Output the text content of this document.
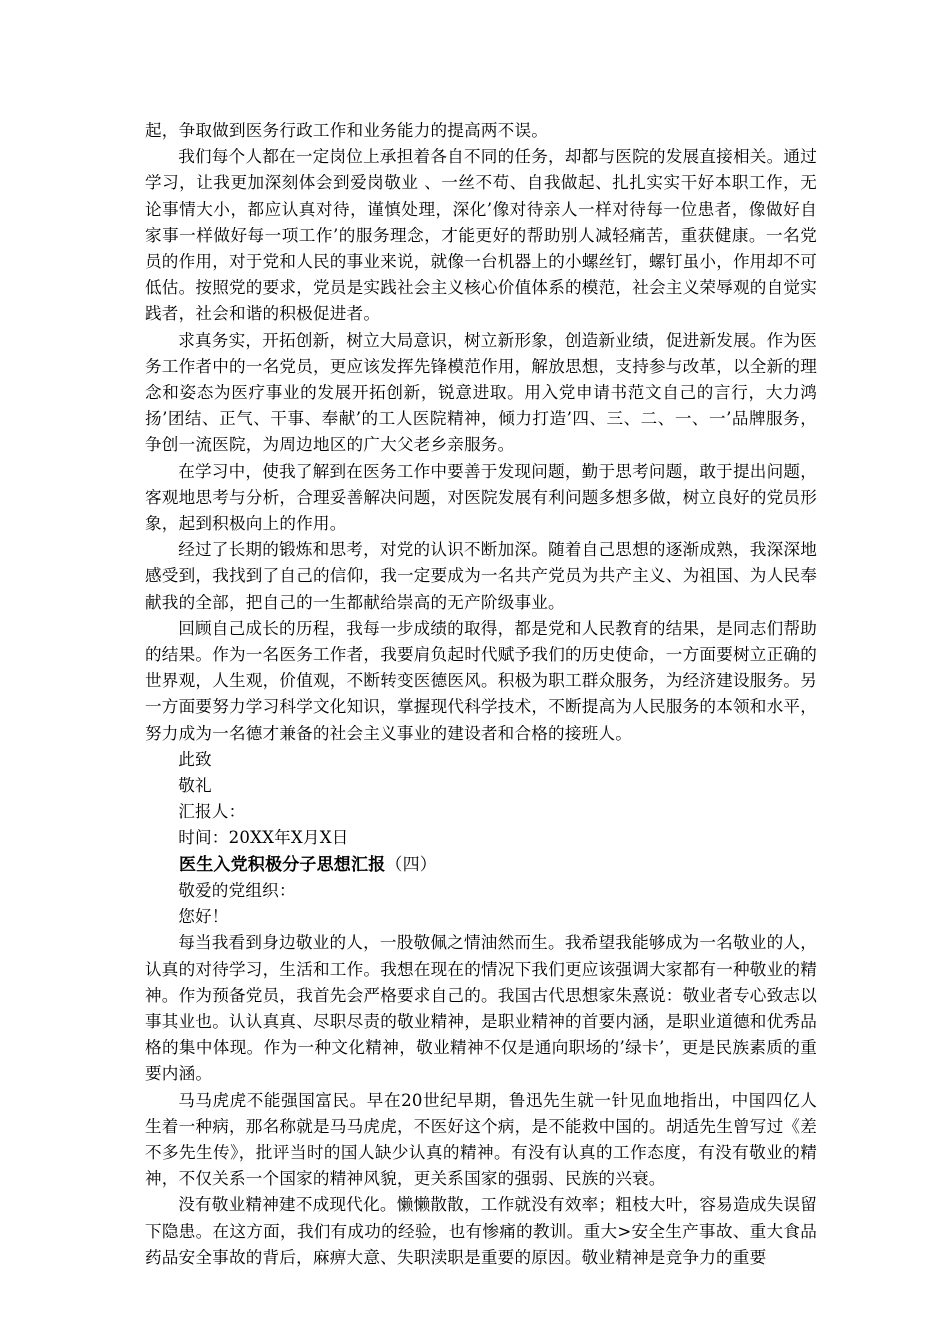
起，争取做到医务行政工作和业务能力的提高两不误。

我们每个人都在一定岗位上承担着各自不同的任务，却都与医院的发展直接相关。通过学习，让我更加深刻体会到爱岗敬业 、一丝不苟、自我做起、扎扎实实干好本职工作，无论事情大小，都应认真对待，谨慎处理，深化’像对待亲人一样对待每一位患者，像做好自家事一样做好每一项工作’的服务理念，才能更好的帮助别人减轻痛苦，重获健康。一名党员的作用，对于党和人民的事业来说，就像一台机器上的小螺丝钉，螺钉虽小，作用却不可低估。按照党的要求，党员是实践社会主义核心价值体系的模范，社会主义荣辱观的自觉实践者，社会和谐的积极促进者。

求真务实，开拓创新，树立大局意识，树立新形象，创造新业绩，促进新发展。作为医务工作者中的一名党员，更应该发挥先锋模范作用，解放思想，支持参与改革，以全新的理念和姿态为医疗事业的发展开拓创新，锐意进取。用入党申请书范文自己的言行，大力鸿扬’团结、正气、干事、奉献’的工人医院精神，倾力打造’四、三、二、一、一’品牌服务，争创一流医院，为周边地区的广大父老乡亲服务。

在学习中，使我了解到在医务工作中要善于发现问题，勤于思考问题，敢于提出问题，客观地思考与分析，合理妥善解决问题，对医院发展有利问题多想多做，树立良好的党员形象，起到积极向上的作用。

经过了长期的锻炼和思考，对党的认识不断加深。随着自己思想的逐渐成熟，我深深地感受到，我找到了自己的信仰，我一定要成为一名共产党员为共产主义、为祖国、为人民奉献我的全部，把自己的一生都献给崇高的无产阶级事业。

回顾自己成长的历程，我每一步成绩的取得，都是党和人民教育的结果，是同志们帮助的结果。作为一名医务工作者，我要肩负起时代赋予我们的历史使命，一方面要树立正确的世界观，人生观，价值观，不断转变医德医风。积极为职工群众服务，为经济建设服务。另一方面要努力学习科学文化知识，掌握现代科学技术，不断提高为人民服务的本领和水平，努力成为一名德才兼备的社会主义事业的建设者和合格的接班人。

此致

敬礼

汇报人：

时间：20XX年X月X日

医生入党积极分子思想汇报（四）

敬爱的党组织：

您好！

每当我看到身边敬业的人，一股敬佩之情油然而生。我希望我能够成为一名敬业的人，认真的对待学习，生活和工作。我想在现在的情况下我们更应该强调大家都有一种敬业的精神。作为预备党员，我首先会严格要求自己的。我国古代思想家朱熹说：敬业者专心致志以事其业也。认认真真、尽职尽责的敬业精神，是职业精神的首要内涵，是职业道德和优秀品格的集中体现。作为一种文化精神，敬业精神不仅是通向职场的’绿卡’，更是民族素质的重要内涵。

马马虎虎不能强国富民。早在20世纪早期，鲁迅先生就一针见血地指出，中国四亿人生着一种病，那名称就是马马虎虎，不医好这个病，是不能救中国的。胡适先生曾写过《差不多先生传》，批评当时的国人缺少认真的精神。有没有认真的工作态度，有没有敬业的精神，不仅关系一个国家的精神风貌，更关系国家的强弱、民族的兴衰。

没有敬业精神建不成现代化。懒懒散散，工作就没有效率；粗枝大叶，容易造成失误留下隐患。在这方面，我们有成功的经验，也有惨痛的教训。重大>安全生产事故、重大食品药品安全事故的背后，麻痹大意、失职渎职是重要的原因。敬业精神是竞争力的重要
